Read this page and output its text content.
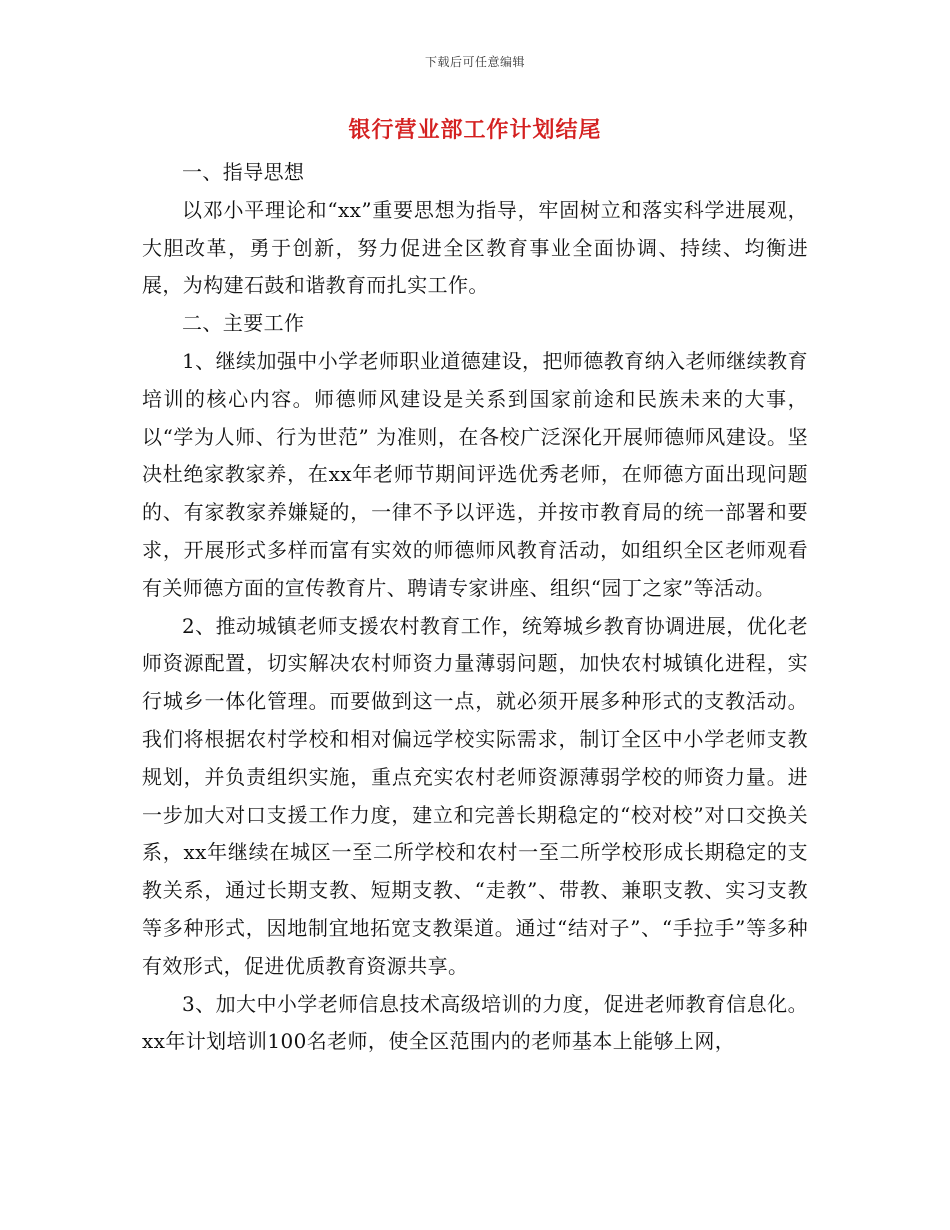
下载后可任意编辑
银行营业部工作计划结尾

一、指导思想

以邓小平理论和“xx”重要思想为指导，牢固树立和落实科学进展观，大胆改革，勇于创新，努力促进全区教育事业全面协调、持续、均衡进展，为构建石鼓和谐教育而扎实工作。

二、主要工作

1、继续加强中小学老师职业道德建设，把师德教育纳入老师继续教育培训的核心内容。师德师风建设是关系到国家前途和民族未来的大事，以“学为人师、行为世范” 为准则，在各校广泛深化开展师德师风建设。坚决杜绝家教家养，在xx年老师节期间评选优秀老师，在师德方面出现问题的、有家教家养嫌疑的，一律不予以评选，并按市教育局的统一部署和要求，开展形式多样而富有实效的师德师风教育活动，如组织全区老师观看有关师德方面的宣传教育片、聘请专家讲座、组织“园丁之家”等活动。

2、推动城镇老师支援农村教育工作，统筹城乡教育协调进展，优化老师资源配置，切实解决农村师资力量薄弱问题，加快农村城镇化进程，实行城乡一体化管理。而要做到这一点，就必须开展多种形式的支教活动。我们将根据农村学校和相对偏远学校实际需求，制订全区中小学老师支教规划，并负责组织实施，重点充实农村老师资源薄弱学校的师资力量。进一步加大对口支援工作力度，建立和完善长期稳定的“校对校”对口交换关系，xx年继续在城区一至二所学校和农村一至二所学校形成长期稳定的支教关系，通过长期支教、短期支教、“走教”、带教、兼职支教、实习支教等多种形式，因地制宜地拓宽支教渠道。通过“结对子”、“手拉手”等多种有效形式，促进优质教育资源共享。

3、加大中小学老师信息技术高级培训的力度，促进老师教育信息化。xx年计划培训100名老师，使全区范围内的老师基本上能够上网，
